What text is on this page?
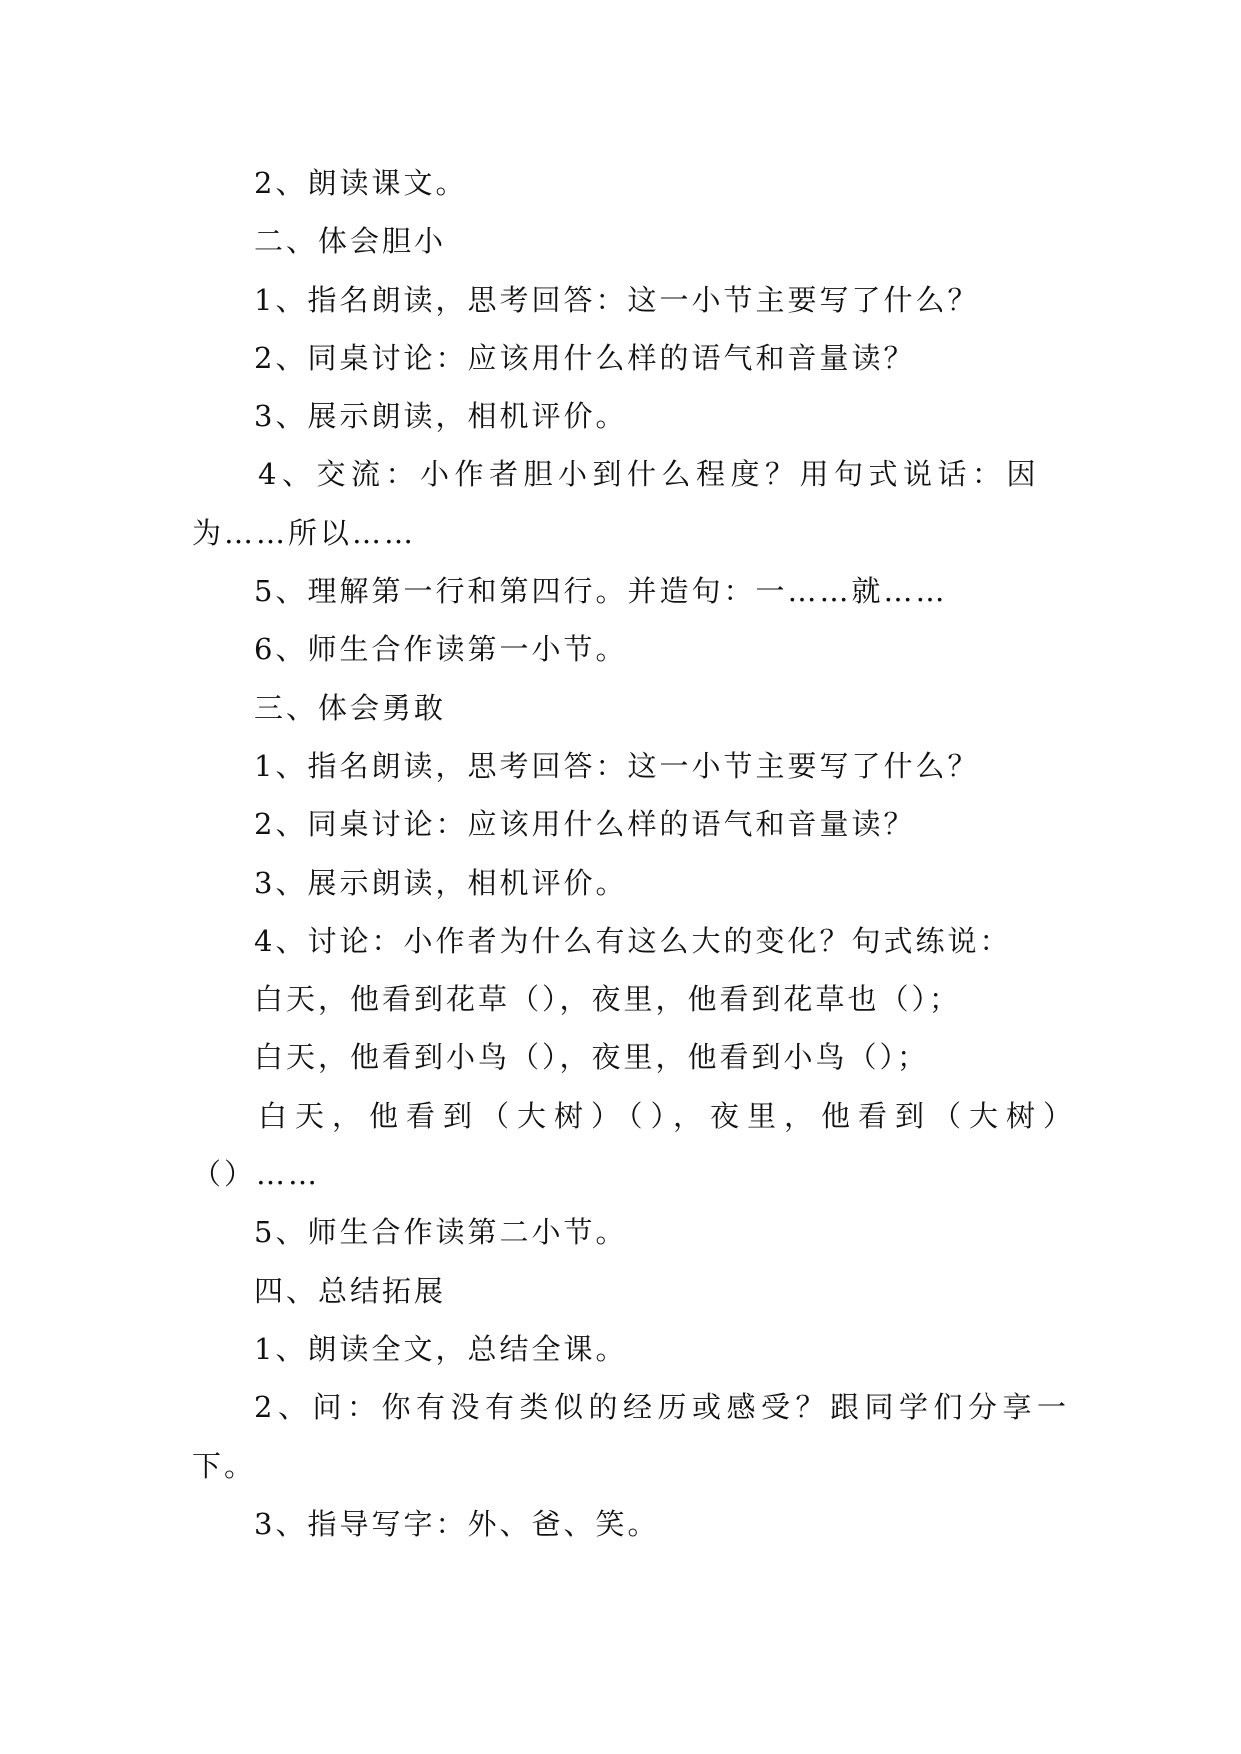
2、朗读课文。
二、体会胆小
1、指名朗读，思考回答：这一小节主要写了什么？
2、同桌讨论：应该用什么样的语气和音量读？
3、展示朗读，相机评价。
4、交流：小作者胆小到什么程度？用句式说话：因
为……所以……
5、理解第一行和第四行。并造句：一……就……
6、师生合作读第一小节。
三、体会勇敢
1、指名朗读，思考回答：这一小节主要写了什么？
2、同桌讨论：应该用什么样的语气和音量读？
3、展示朗读，相机评价。
4、讨论：小作者为什么有这么大的变化？句式练说：
白天，他看到花草（），夜里，他看到花草也（）；
白天，他看到小鸟（），夜里，他看到小鸟（）；
白天，他看到（大树）（），夜里，他看到（大树）
（）……
5、师生合作读第二小节。
四、总结拓展
1、朗读全文，总结全课。
2、问：你有没有类似的经历或感受？跟同学们分享一
下。
3、指导写字：外、爸、笑。
